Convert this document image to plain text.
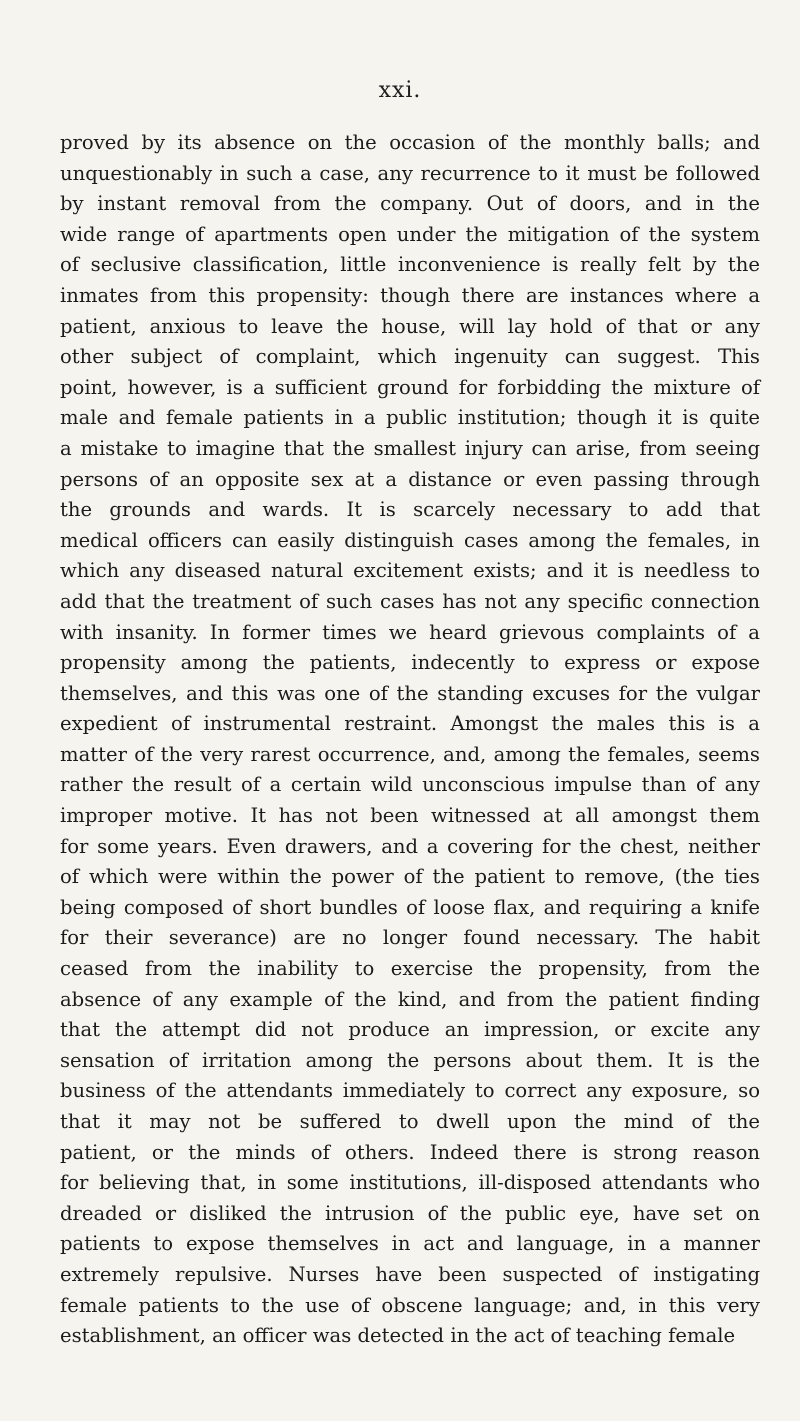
xxi.
proved by its absence on the occasion of the monthly balls; and
unquestionably in such a case, any recurrence to it must be followed
by instant removal from the company. Out of doors, and in the
wide range of apartments open under the mitigation of the system
of seclusive classification, little inconvenience is really felt by the
inmates from this propensity: though there are instances where a
patient, anxious to leave the house, will lay hold of that or any
other subject of complaint, which ingenuity can suggest. This
point, however, is a sufficient ground for forbidding the mixture of
male and female patients in a public institution; though it is quite
a mistake to imagine that the smallest injury can arise, from seeing
persons of an opposite sex at a distance or even passing through
the grounds and wards. It is scarcely necessary to add that
medical officers can easily distinguish cases among the females, in
which any diseased natural excitement exists; and it is needless to
add that the treatment of such cases has not any specific connection
with insanity. In former times we heard grievous complaints of a
propensity among the patients, indecently to express or expose
themselves, and this was one of the standing excuses for the vulgar
expedient of instrumental restraint. Amongst the males this is a
matter of the very rarest occurrence, and, among the females, seems
rather the result of a certain wild unconscious impulse than of any
improper motive. It has not been witnessed at all amongst them
for some years. Even drawers, and a covering for the chest, neither
of which were within the power of the patient to remove, (the ties
being composed of short bundles of loose flax, and requiring a knife
for their severance) are no longer found necessary. The habit
ceased from the inability to exercise the propensity, from the
absence of any example of the kind, and from the patient finding
that the attempt did not produce an impression, or excite any
sensation of irritation among the persons about them. It is the
business of the attendants immediately to correct any exposure, so
that it may not be suffered to dwell upon the mind of the
patient, or the minds of others. Indeed there is strong reason
for believing that, in some institutions, ill-disposed attendants who
dreaded or disliked the intrusion of the public eye, have set on
patients to expose themselves in act and language, in a manner
extremely repulsive. Nurses have been suspected of instigating
female patients to the use of obscene language; and, in this very
establishment, an officer was detected in the act of teaching female
